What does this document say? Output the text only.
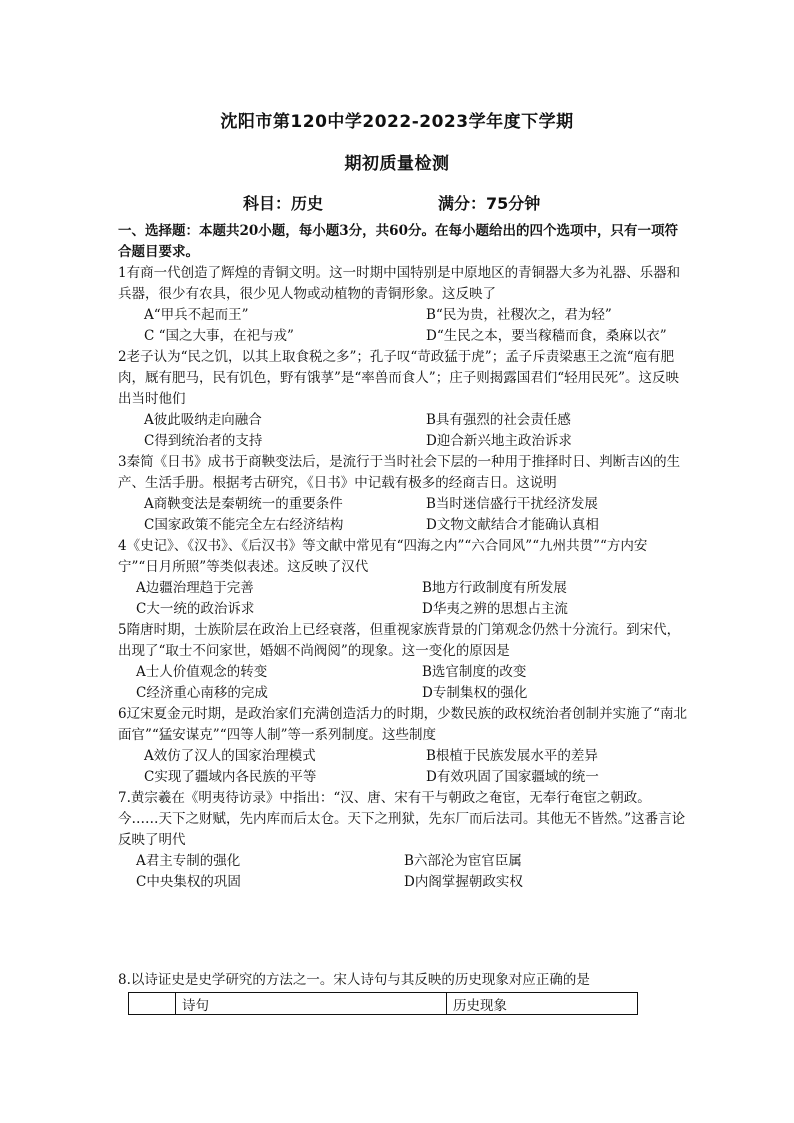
沈阳市第120中学2022-2023学年度下学期
期初质量检测
科目：历史	满分：75分钟

一、选择题：本题共20小题，每小题3分，共60分。在每小题给出的四个选项中，只有一项符合题目要求。

1有商一代创造了辉煌的青铜文明。这一时期中国特别是中原地区的青铜器大多为礼器、乐器和兵器，很少有农具，很少见人物或动植物的青铜形象。这反映了

A“甲兵不起而王”	B“民为贵，社稷次之，君为轻”
C “国之大事，在祀与戎”	D“生民之本，要当稼穑而食，桑麻以衣”

2老子认为“民之饥，以其上取食税之多”；孔子叹“苛政猛于虎”；孟子斥责梁惠王之流“庖有肥肉，厩有肥马，民有饥色，野有饿莩”是“率兽而食人”；庄子则揭露国君们“轻用民死”。这反映出当时他们

A彼此吸纳走向融合	B具有强烈的社会责任感
C得到统治者的支持	D迎合新兴地主政治诉求

3秦简《日书》成书于商鞅变法后，是流行于当时社会下层的一种用于推择时日、判断吉凶的生产、生活手册。根据考古研究，《日书》中记载有极多的经商吉日。这说明

A商鞅变法是秦朝统一的重要条件	B当时迷信盛行干扰经济发展
C国家政策不能完全左右经济结构	D文物文献结合才能确认真相

4《史记》、《汉书》、《后汉书》等文献中常见有“四海之内”“六合同风”“九州共贯”“方内安宁”“日月所照”等类似表述。这反映了汉代

A边疆治理趋于完善	B地方行政制度有所发展
C大一统的政治诉求	D华夷之辨的思想占主流

5隋唐时期，士族阶层在政治上已经衰落，但重视家族背景的门第观念仍然十分流行。到宋代，出现了“取士不问家世，婚姻不尚阀阅”的现象。这一变化的原因是

A士人价值观念的转变	B选官制度的改变
C经济重心南移的完成	D专制集权的强化

6辽宋夏金元时期，是政治家们充满创造活力的时期，少数民族的政权统治者创制并实施了“南北面官”“猛安谋克”“四等人制”等一系列制度。这些制度

A效仿了汉人的国家治理模式	B根植于民族发展水平的差异
C实现了疆域内各民族的平等	D有效巩固了国家疆域的统一

7.黄宗羲在《明夷待访录》中指出：“汉、唐、宋有干与朝政之奄宦，无奉行奄宦之朝政。今……天下之财赋，先内库而后太仓。天下之刑狱，先东厂而后法司。其他无不皆然。”这番言论反映了明代

A君主专制的强化	B六部沦为宦官臣属
C中央集权的巩固	D内阁掌握朝政实权

8.以诗证史是史学研究的方法之一。宋人诗句与其反映的历史现象对应正确的是

	诗句	历史现象
